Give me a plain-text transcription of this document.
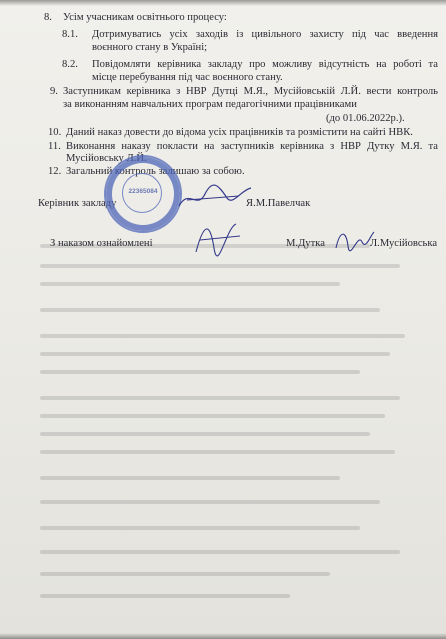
8. Усім учасникам освітнього процесу:
8.1. Дотримуватись усіх заходів із цивільного захисту під час введення
воєнного стану в Україні;
8.2. Повідомляти керівника закладу про можливу відсутність на роботі та
місце перебування під час воєнного стану.
9. Заступникам керівника з НВР Дутці М.Я., Мусійовській Л.Й. вести контроль
за виконанням навчальних програм педагогічними працівниками
(до 01.06.2022р.).
10. Даний наказ довести до відома усіх працівників та розмістити на сайті НВК.
11. Виконання наказу покласти на заступників керівника з НВР Дутку М.Я. та
Мусійовську Л.Й.
12. Загальний контроль залишаю за собою.
Керівник закладу	Я.М.Павелчак
З наказом ознайомлені	М.Дутка	Л.Мусійовська
22365084
